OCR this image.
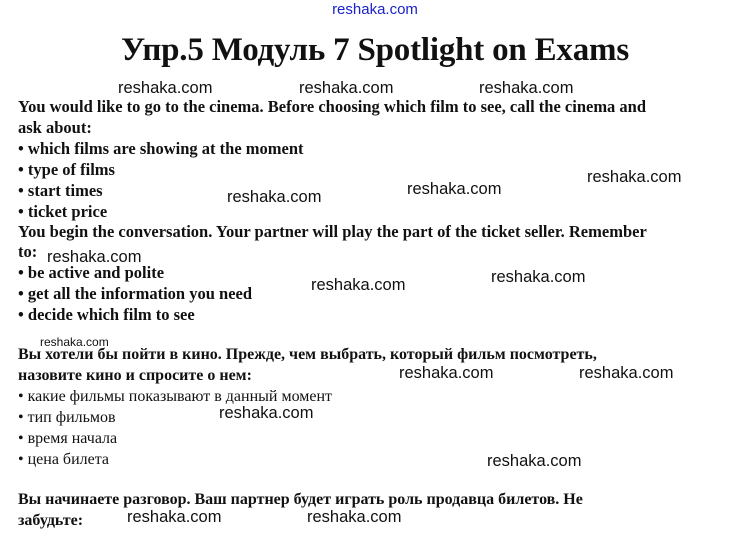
reshaka.com
Упр.5 Модуль 7 Spotlight on Exams
You would like to go to the cinema. Before choosing which film to see, call the cinema and
ask about:
• which films are showing at the moment
• type of films
• start times
• ticket price
You begin the conversation. Your partner will play the part of the ticket seller. Remember
to:
• be active and polite
• get all the information you need
• decide which film to see
Вы хотели бы пойти в кино. Прежде, чем выбрать, который фильм посмотреть,
назовите кино и спросите о нем:
• какие фильмы показывают в данный момент
• тип фильмов
• время начала
• цена билета
Вы начинаете разговор. Ваш партнер будет играть роль продавца билетов. Не
забудьте:
reshaka.com	reshaka.com	reshaka.com
reshaka.com
reshaka.com
reshaka.com
reshaka.com
reshaka.com
reshaka.com
reshaka.com
reshaka.com	reshaka.com
reshaka.com
reshaka.com
reshaka.com	reshaka.com
